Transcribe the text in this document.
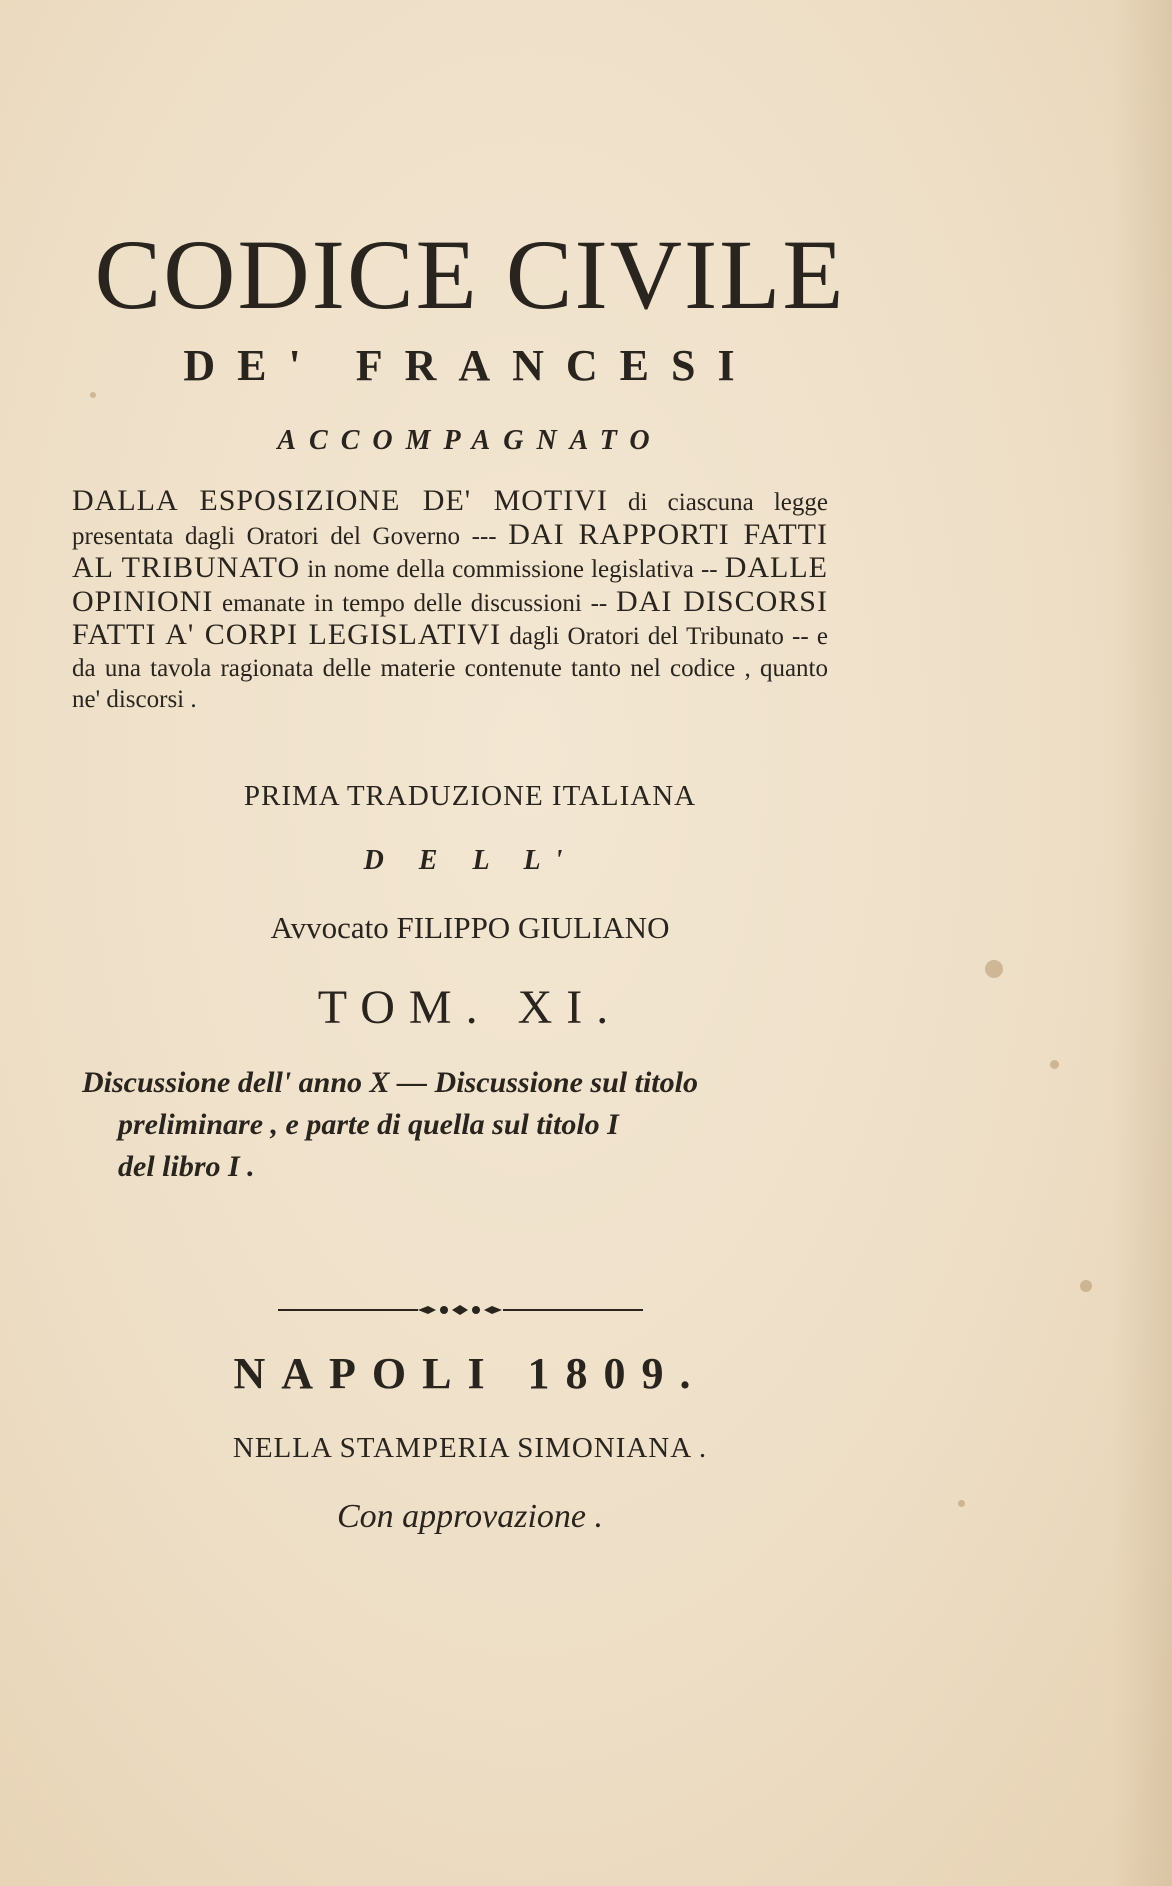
CODICE CIVILE
DE' FRANCESI
ACCOMPAGNATO
DALLA ESPOSIZIONE DE' MOTIVI di ciascuna legge presentata dagli Oratori del Governo --- DAI RAPPORTI FATTI AL TRIBUNATO in nome della commissione legislativa -- DALLE OPINIONI emanate in tempo delle discussioni -- DAI DISCORSI FATTI A' CORPI LEGISLATIVI dagli Oratori del Tribunato -- e da una tavola ragionata delle materie contenute tanto nel codice , quanto ne' discorsi .
PRIMA TRADUZIONE ITALIANA
D E L L'
Avvocato FILIPPO GIULIANO
TOM. XI.
Discussione dell' anno X — Discussione sul titolo
preliminare , e parte di quella sul titolo I
del libro I .
NAPOLI 1809.
NELLA STAMPERIA SIMONIANA .
Con approvazione .
